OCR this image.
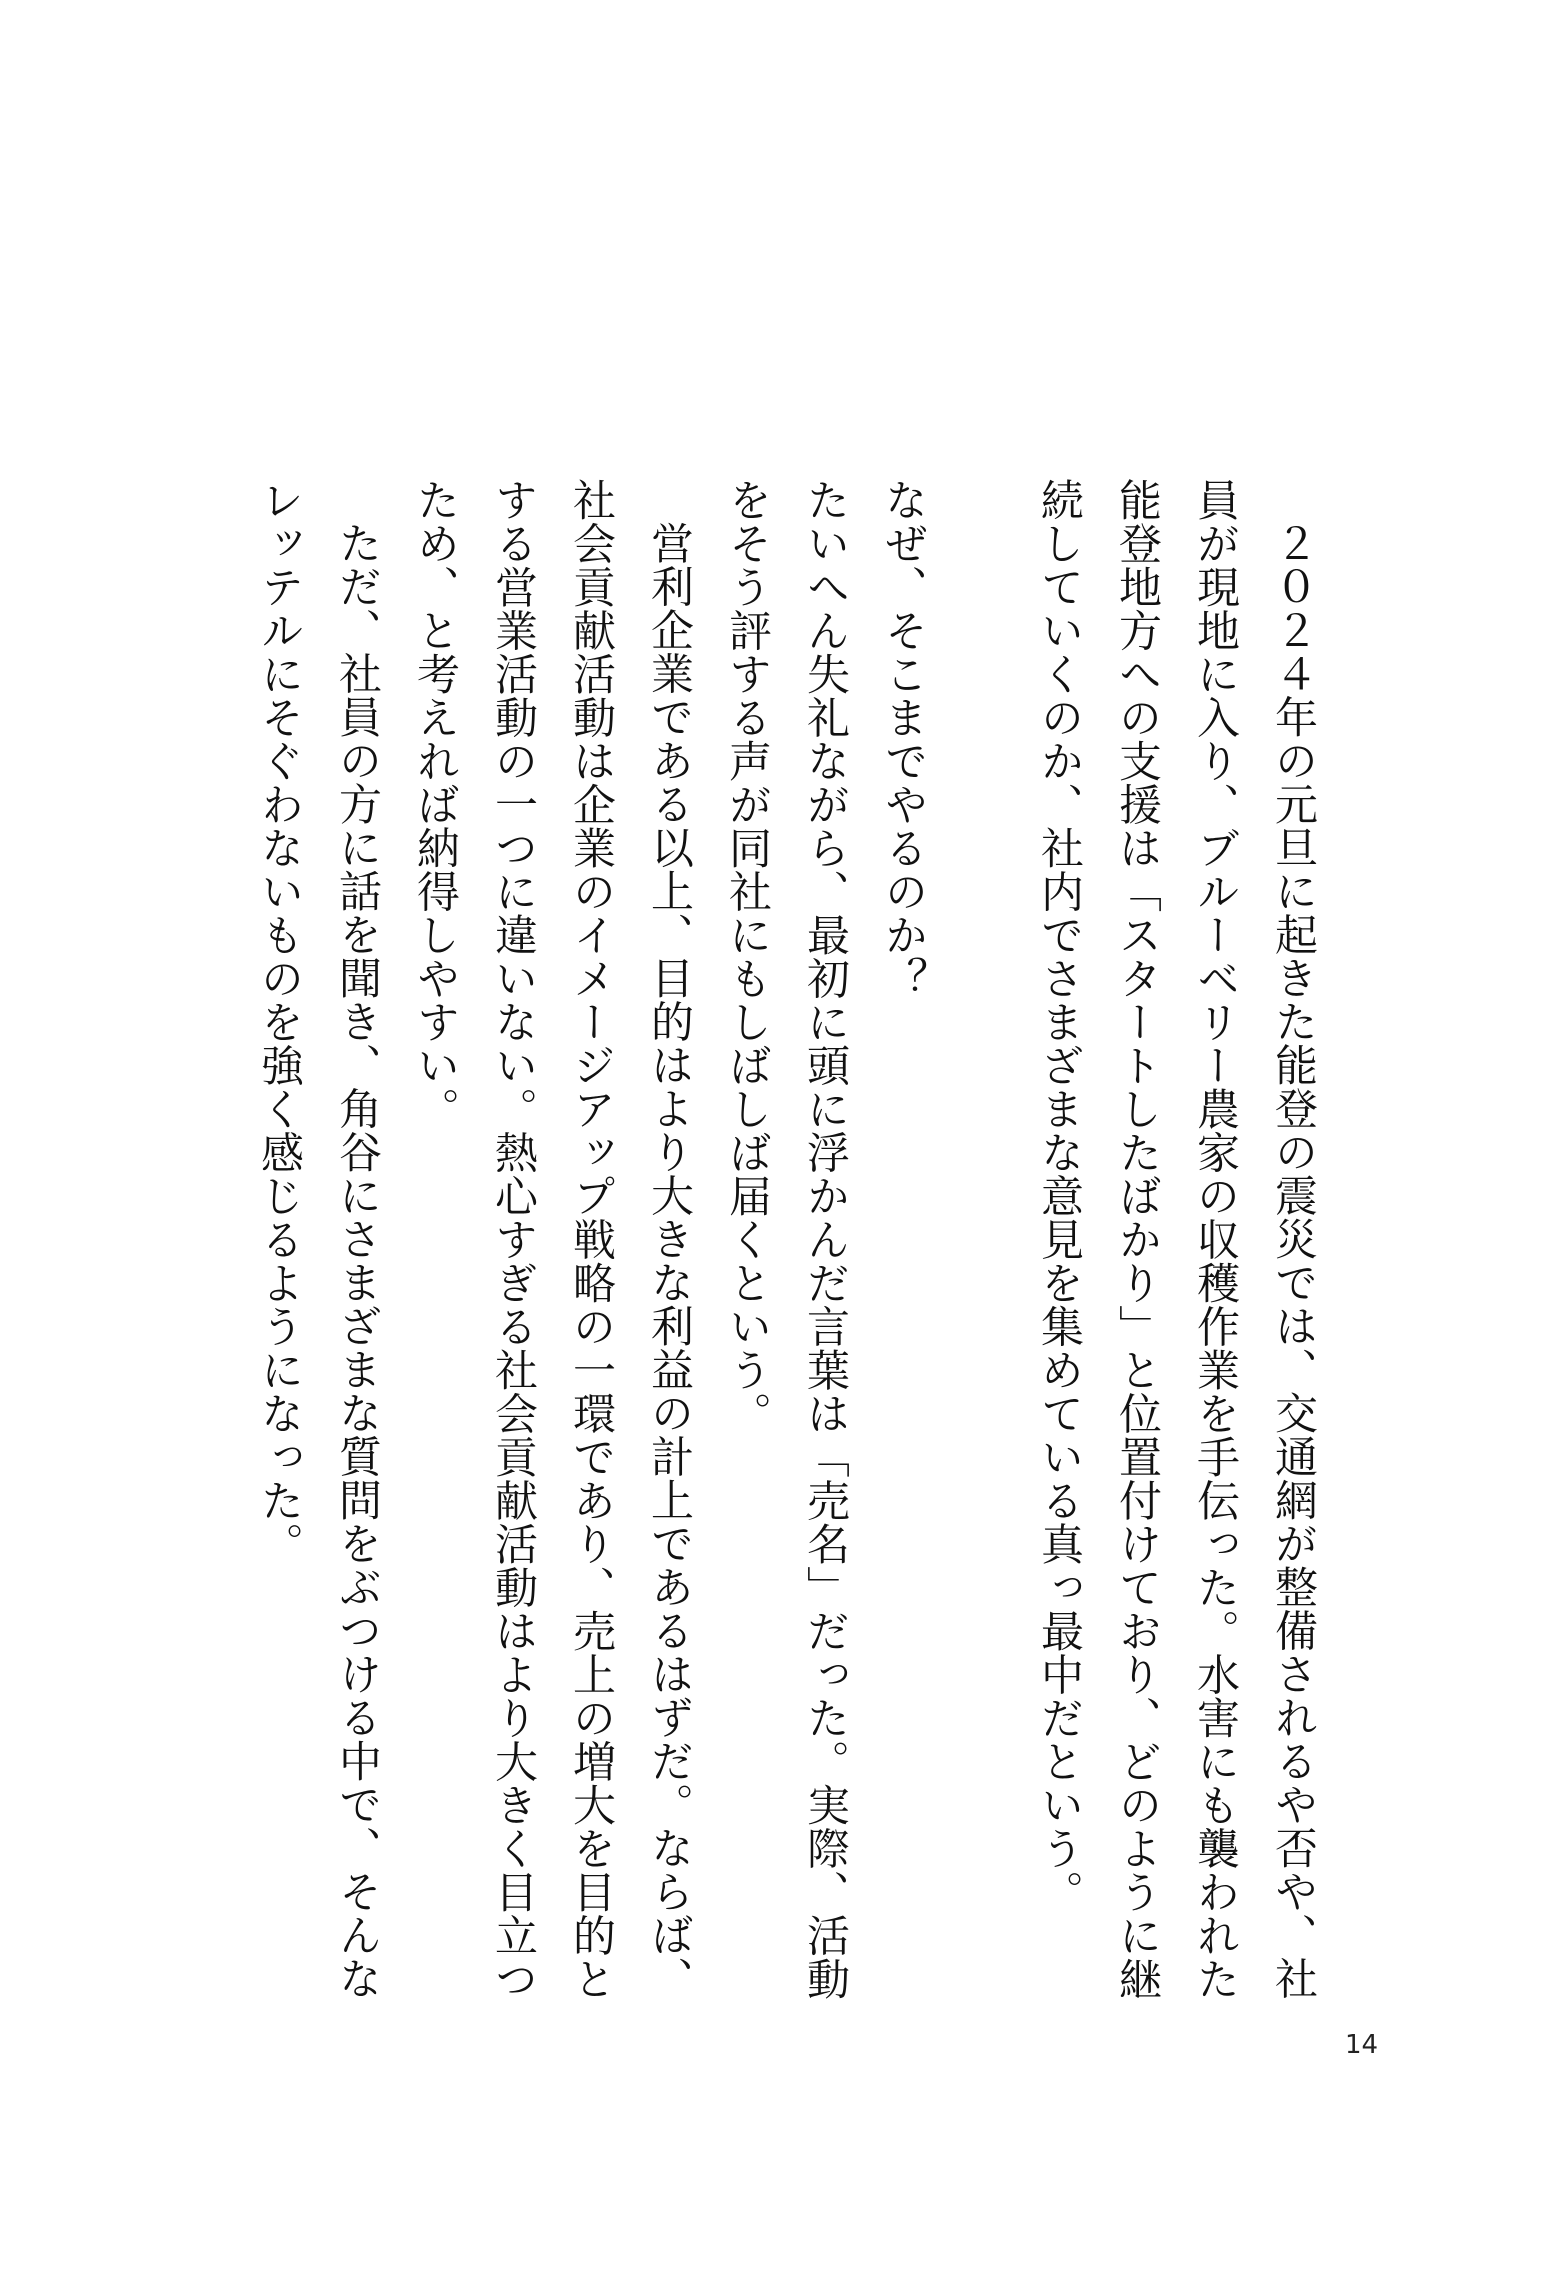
２０２４年の元旦に起きた能登の震災では、交通網が整備されるや否や、社員が現地に入り、ブルーベリー農家の収穫作業を手伝った。水害にも襲われた能登地方への支援は「スタートしたばかり」と位置付けており、どのように継続していくのか、社内でさまざまな意見を集めている真っ最中だという。

なぜ、そこまでやるのか？

たいへん失礼ながら、最初に頭に浮かんだ言葉は「売名」だった。実際、活動をそう評する声が同社にもしばしば届くという。

営利企業である以上、目的はより大きな利益の計上であるはずだ。ならば、社会貢献活動は企業のイメージアップ戦略の一環であり、売上の増大を目的とする営業活動の一つに違いない。熱心すぎる社会貢献活動はより大きく目立つため、と考えれば納得しやすい。

ただ、社員の方に話を聞き、角谷にさまざまな質問をぶつける中で、そんなレッテルにそぐわないものを強く感じるようになった。

14
